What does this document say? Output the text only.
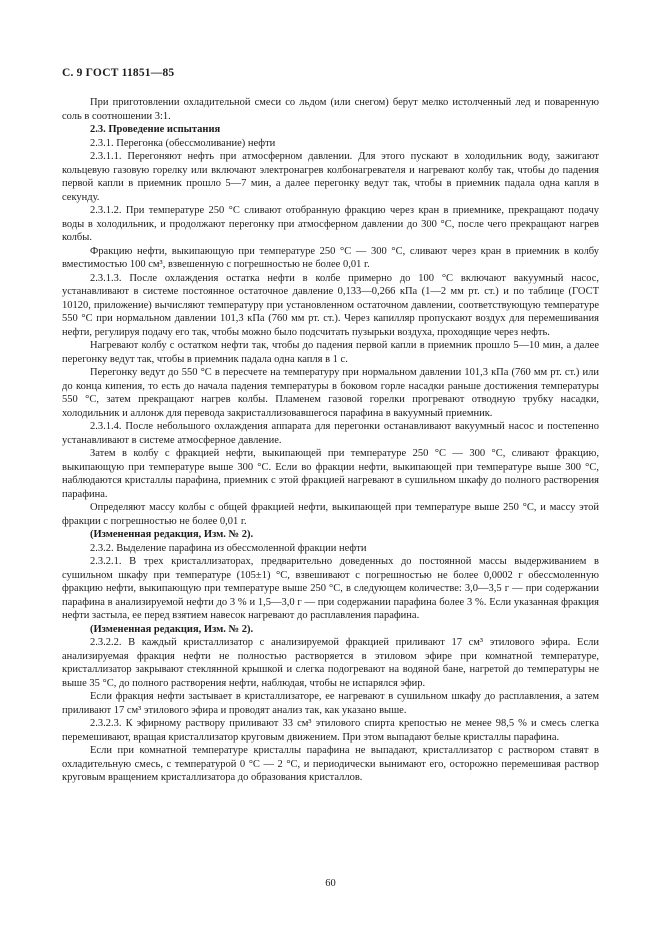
С. 9 ГОСТ 11851—85

При приготовлении охладительной смеси со льдом (или снегом) берут мелко истолченный лед и поваренную соль в соотношении 3:1.

2.3. Проведение испытания

2.3.1. Перегонка (обессмоливание) нефти

2.3.1.1. Перегоняют нефть при атмосферном давлении. Для этого пускают в холодильник воду, зажигают кольцевую газовую горелку или включают электронагрев колбонагревателя и нагревают колбу так, чтобы до падения первой капли в приемник прошло 5—7 мин, а далее перегонку ведут так, чтобы в приемник падала одна капля в секунду.

2.3.1.2. При температуре 250 °С сливают отобранную фракцию через кран в приемнике, прекращают подачу воды в холодильник, и продолжают перегонку при атмосферном давлении до 300 °С, после чего прекращают нагрев колбы.

Фракцию нефти, выкипающую при температуре 250 °С — 300 °С, сливают через кран в приемник в колбу вместимостью 100 см³, взвешенную с погрешностью не более 0,01 г.

2.3.1.3. После охлаждения остатка нефти в колбе примерно до 100 °С включают вакуумный насос, устанавливают в системе постоянное остаточное давление 0,133—0,266 кПа (1—2 мм рт. ст.) и по таблице (ГОСТ 10120, приложение) вычисляют температуру при установленном остаточном давлении, соответствующую температуре 550 °С при нормальном давлении 101,3 кПа (760 мм рт. ст.). Через капилляр пропускают воздух для перемешивания нефти, регулируя подачу его так, чтобы можно было подсчитать пузырьки воздуха, проходящие через нефть.

Нагревают колбу с остатком нефти так, чтобы до падения первой капли в приемник прошло 5—10 мин, а далее перегонку ведут так, чтобы в приемник падала одна капля в 1 с.

Перегонку ведут до 550 °С в пересчете на температуру при нормальном давлении 101,3 кПа (760 мм рт. ст.) или до конца кипения, то есть до начала падения температуры в боковом горле насадки раньше достижения температуры 550 °С, затем прекращают нагрев колбы. Пламенем газовой горелки прогревают отводную трубку насадки, холодильник и аллонж для перевода закристаллизовавшегося парафина в вакуумный приемник.

2.3.1.4. После небольшого охлаждения аппарата для перегонки останавливают вакуумный насос и постепенно устанавливают в системе атмосферное давление.

Затем в колбу с фракцией нефти, выкипающей при температуре 250 °С — 300 °С, сливают фракцию, выкипающую при температуре выше 300 °С. Если во фракции нефти, выкипающей при температуре выше 300 °С, наблюдаются кристаллы парафина, приемник с этой фракцией нагревают в сушильном шкафу до полного растворения парафина.

Определяют массу колбы с общей фракцией нефти, выкипающей при температуре выше 250 °С, и массу этой фракции с погрешностью не более 0,01 г.

(Измененная редакция, Изм. № 2).

2.3.2. Выделение парафина из обессмоленной фракции нефти

2.3.2.1. В трех кристаллизаторах, предварительно доведенных до постоянной массы выдерживанием в сушильном шкафу при температуре (105±1) °С, взвешивают с погрешностью не более 0,0002 г обессмоленную фракцию нефти, выкипающую при температуре выше 250 °С, в следующем количестве: 3,0—3,5 г — при содержании парафина в анализируемой нефти до 3 % и 1,5—3,0 г — при содержании парафина более 3 %. Если указанная фракция нефти застыла, ее перед взятием навесок нагревают до расплавления парафина.

(Измененная редакция, Изм. № 2).

2.3.2.2. В каждый кристаллизатор с анализируемой фракцией приливают 17 см³ этилового эфира. Если анализируемая фракция нефти не полностью растворяется в этиловом эфире при комнатной температуре, кристаллизатор закрывают стеклянной крышкой и слегка подогревают на водяной бане, нагретой до температуры не выше 35 °С, до полного растворения нефти, наблюдая, чтобы не испарялся эфир.

Если фракция нефти застывает в кристаллизаторе, ее нагревают в сушильном шкафу до расплавления, а затем приливают 17 см³ этилового эфира и проводят анализ так, как указано выше.

2.3.2.3. К эфирному раствору приливают 33 см³ этилового спирта крепостью не менее 98,5 % и смесь слегка перемешивают, вращая кристаллизатор круговым движением. При этом выпадают белые кристаллы парафина.

Если при комнатной температуре кристаллы парафина не выпадают, кристаллизатор с раствором ставят в охладительную смесь, с температурой 0 °С — 2 °С, и периодически вынимают его, осторожно перемешивая раствор круговым вращением кристаллизатора до образования кристаллов.

60
